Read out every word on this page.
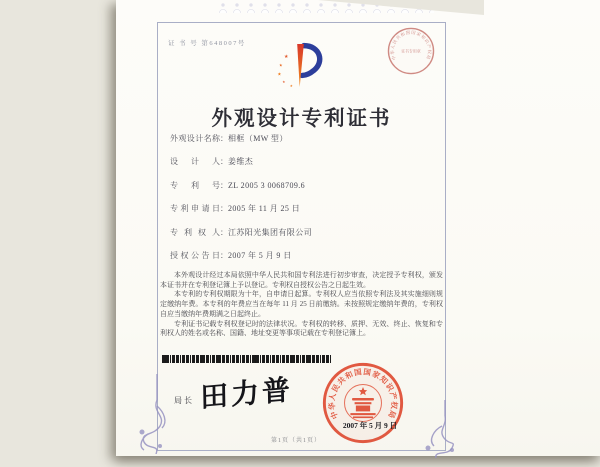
证 书 号 第648007号
★
★
★
★
★
中华人民共和国国家知识产权局
证书专用章
外观设计专利证书
外观设计名称：相框（MW 型）
设计人：姜维杰
专利号：ZL 2005 3 0068709.6
专利申请日：2005 年 11 月 25 日
专利权人：江苏阳光集团有限公司
授权公告日：2007 年 5 月 9 日

本外观设计经过本局依照中华人民共和国专利法进行初步审查，决定授予专利权，颁发本证书并在专利登记簿上予以登记。专利权自授权公告之日起生效。

本专利的专利权期限为十年，自申请日起算。专利权人应当依照专利法及其实施细则规定缴纳年费。本专利的年费应当在每年 11 月 25 日前缴纳。未按照规定缴纳年费的，专利权自应当缴纳年费期满之日起终止。

专利证书记载专利权登记时的法律状况。专利权的转移、质押、无效、终止、恢复和专利权人的姓名或名称、国籍、地址变更等事项记载在专利登记簿上。

局长 田力普
中华人民共和国国家知识产权局
2007 年 5 月 9 日
第1页（共1页）
